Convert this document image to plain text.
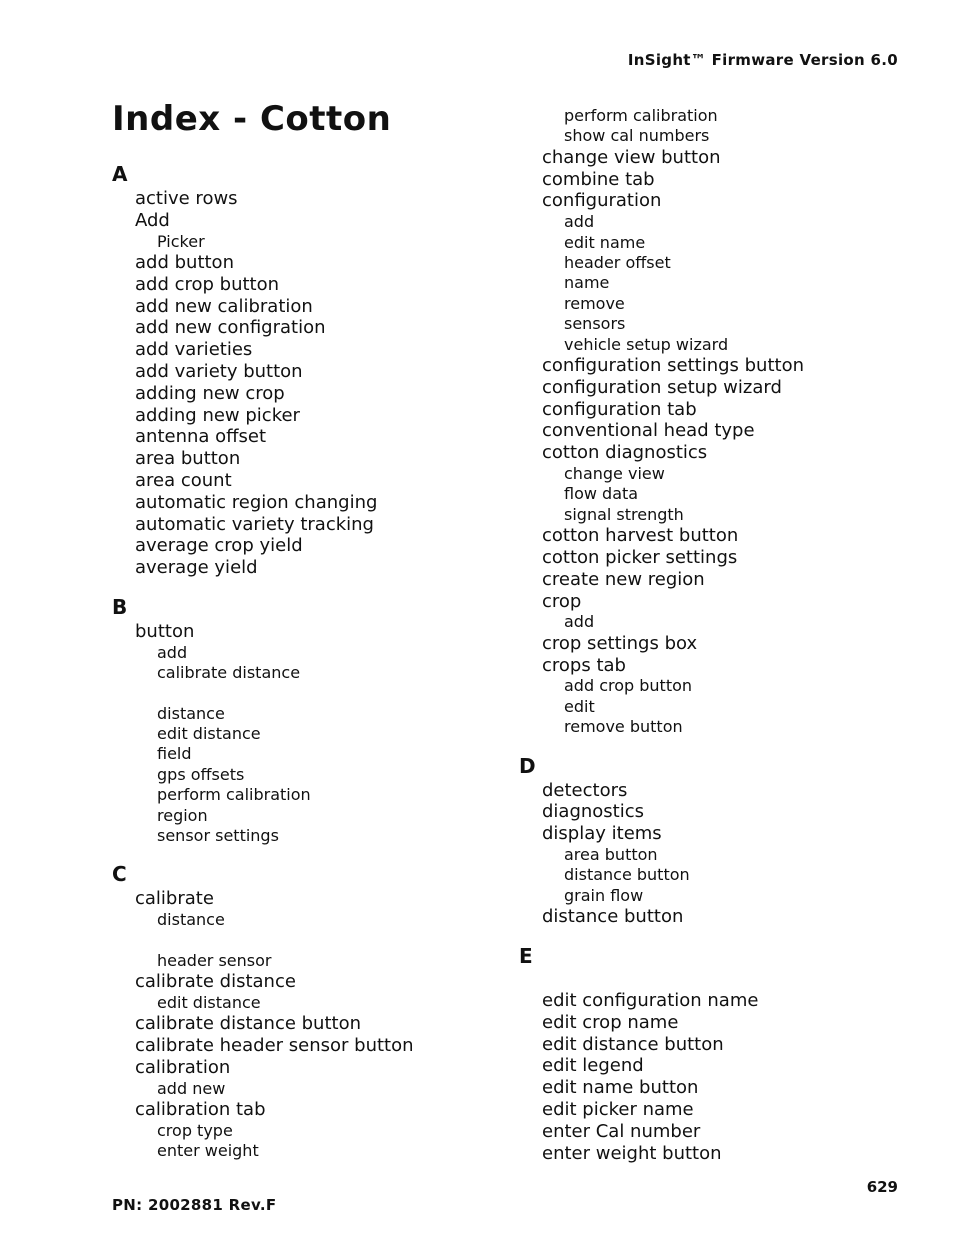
InSight™ Firmware Version 6.0
Index - Cotton
A
active rows
Add
Picker
add button
add crop button
add new calibration
add new configration
add varieties
add variety button
adding new crop
adding new picker
antenna offset
area button
area count
automatic region changing
automatic variety tracking
average crop yield
average yield
B
button
add
calibrate distance
distance
edit distance
field
gps offsets
perform calibration
region
sensor settings
C
calibrate
distance
header sensor
calibrate distance
edit distance
calibrate distance button
calibrate header sensor button
calibration
add new
calibration tab
crop type
enter weight
perform calibration
show cal numbers
change view button
combine tab
configuration
add
edit name
header offset
name
remove
sensors
vehicle setup wizard
configuration settings button
configuration setup wizard
configuration tab
conventional head type
cotton diagnostics
change view
flow data
signal strength
cotton harvest button
cotton picker settings
create new region
crop
add
crop settings box
crops tab
add crop button
edit
remove button
D
detectors
diagnostics
display items
area button
distance button
grain flow
distance button
E
edit configuration name
edit crop name
edit distance button
edit legend
edit name button
edit picker name
enter Cal number
enter weight button
PN: 2002881 Rev.F
629
